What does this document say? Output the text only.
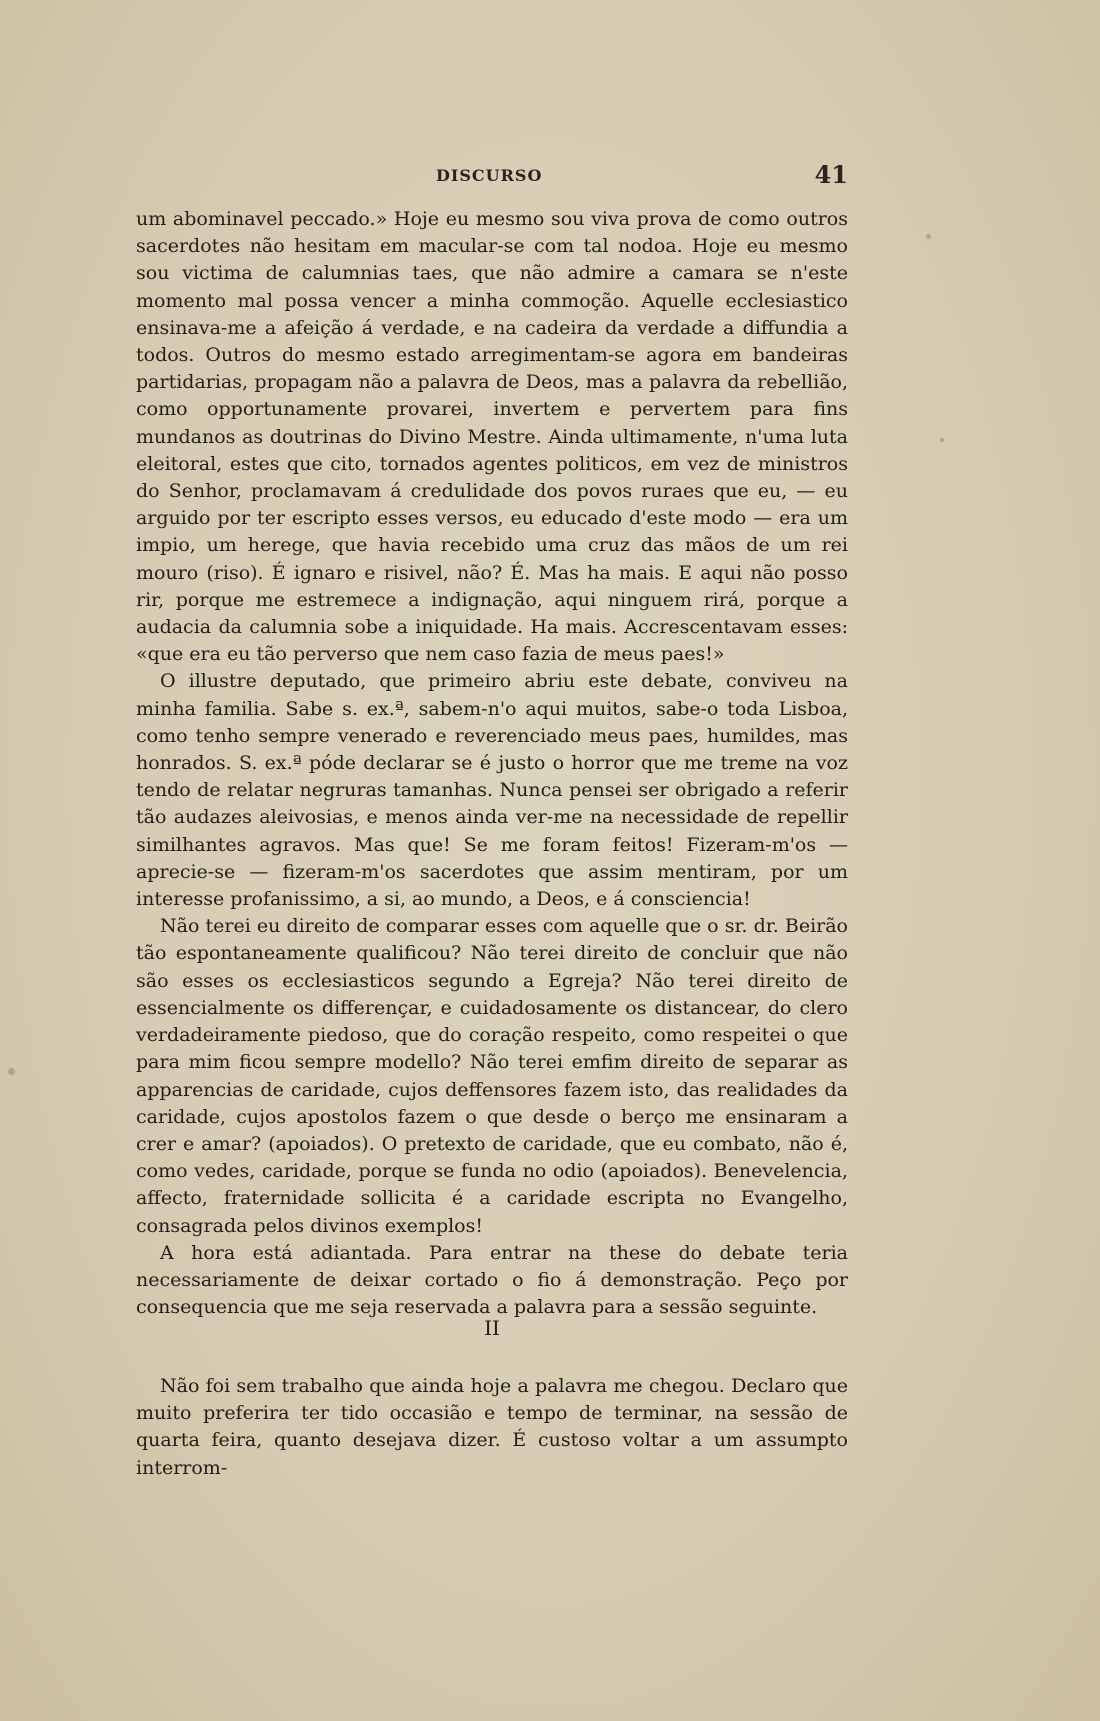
DISCURSO	41

um abominavel peccado.» Hoje eu mesmo sou viva prova de como outros sacerdotes não hesitam em macular-se com tal nodoa. Hoje eu mesmo sou victima de calumnias taes, que não admire a camara se n'este momento mal possa vencer a minha commoção. Aquelle ecclesiastico ensinava-me a afeição á verdade, e na cadeira da verdade a diffundia a todos. Outros do mesmo estado arregimentam-se agora em bandeiras partidarias, propagam não a palavra de Deos, mas a palavra da rebellião, como opportunamente provarei, invertem e pervertem para fins mundanos as doutrinas do Divino Mestre. Ainda ultimamente, n'uma luta eleitoral, estes que cito, tornados agentes politicos, em vez de ministros do Senhor, proclamavam á credulidade dos povos ruraes que eu, — eu arguido por ter escripto esses versos, eu educado d'este modo — era um impio, um herege, que havia recebido uma cruz das mãos de um rei mouro (riso). É ignaro e risivel, não? É. Mas ha mais. E aqui não posso rir, porque me estremece a indignação, aqui ninguem rirá, porque a audacia da calumnia sobe a iniquidade. Ha mais. Accrescentavam esses: «que era eu tão perverso que nem caso fazia de meus paes!»

O illustre deputado, que primeiro abriu este debate, conviveu na minha familia. Sabe s. ex.ª, sabem-n'o aqui muitos, sabe-o toda Lisboa, como tenho sempre venerado e reverenciado meus paes, humildes, mas honrados. S. ex.ª póde declarar se é justo o horror que me treme na voz tendo de relatar negruras tamanhas. Nunca pensei ser obrigado a referir tão audazes aleivosias, e menos ainda ver-me na necessidade de repellir similhantes agravos. Mas que! Se me foram feitos! Fizeram-m'os — aprecie-se — fizeram-m'os sacerdotes que assim mentiram, por um interesse profanissimo, a si, ao mundo, a Deos, e á consciencia!

Não terei eu direito de comparar esses com aquelle que o sr. dr. Beirão tão espontaneamente qualificou? Não terei direito de concluir que não são esses os ecclesiasticos segundo a Egreja? Não terei direito de essencialmente os differençar, e cuidadosamente os distancear, do clero verdadeiramente piedoso, que do coração respeito, como respeitei o que para mim ficou sempre modello? Não terei emfim direito de separar as apparencias de caridade, cujos deffensores fazem isto, das realidades da caridade, cujos apostolos fazem o que desde o berço me ensinaram a crer e amar? (apoiados). O pretexto de caridade, que eu combato, não é, como vedes, caridade, porque se funda no odio (apoiados). Benevelencia, affecto, fraternidade sollicita é a caridade escripta no Evangelho, consagrada pelos divinos exemplos!

A hora está adiantada. Para entrar na these do debate teria necessariamente de deixar cortado o fio á demonstração. Peço por consequencia que me seja reservada a palavra para a sessão seguinte.

II

Não foi sem trabalho que ainda hoje a palavra me chegou. Declaro que muito preferira ter tido occasião e tempo de terminar, na sessão de quarta feira, quanto desejava dizer. É custoso voltar a um assumpto interrom-
